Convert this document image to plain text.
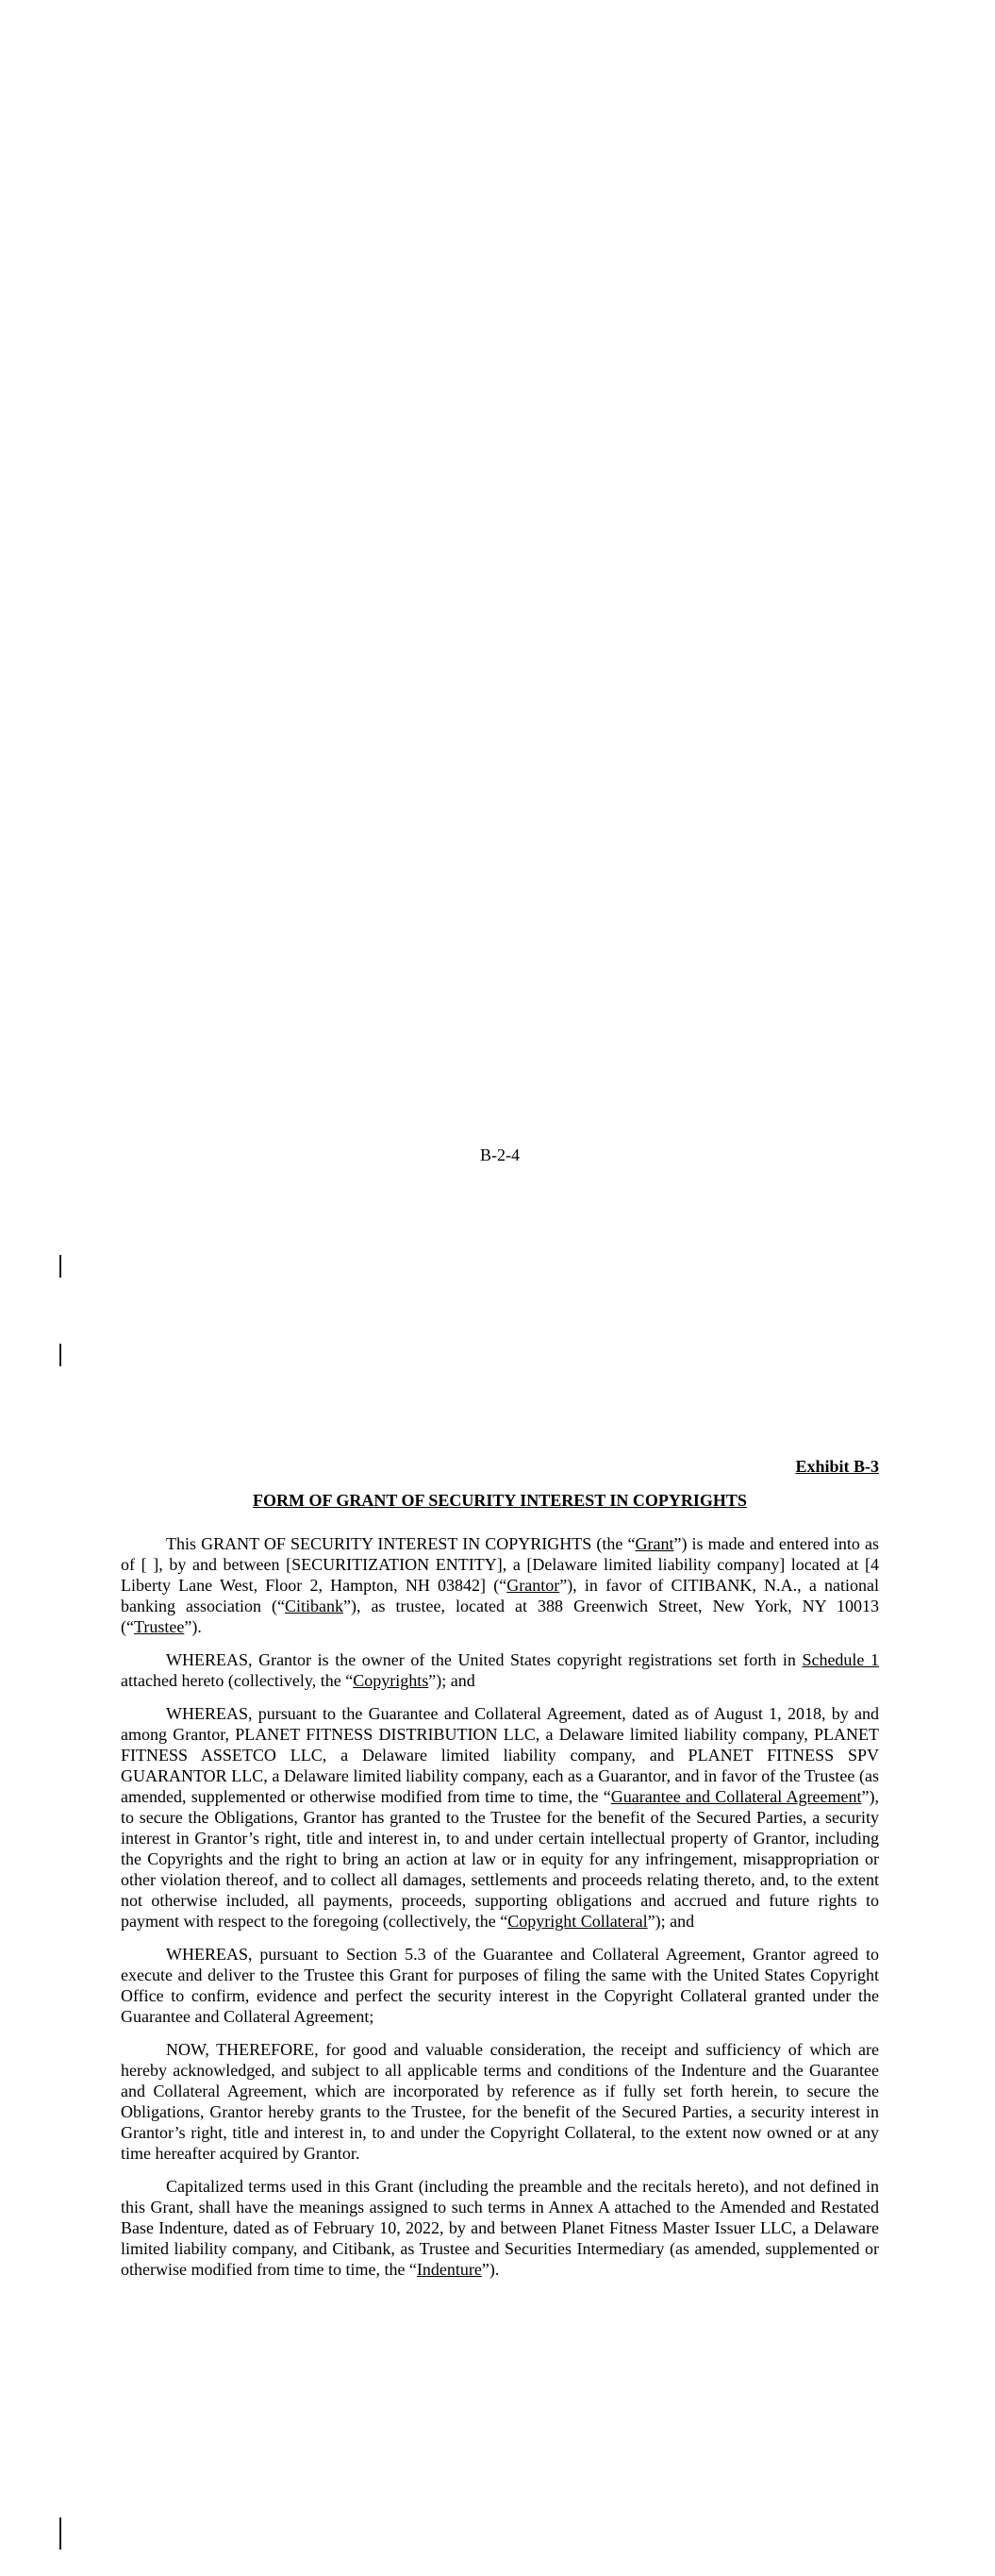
B-2-4
Exhibit B-3
FORM OF GRANT OF SECURITY INTEREST IN COPYRIGHTS

This GRANT OF SECURITY INTEREST IN COPYRIGHTS (the “Grant”) is made and entered into as of [ ], by and between [SECURITIZATION ENTITY], a [Delaware limited liability company] located at [4 Liberty Lane West, Floor 2, Hampton, NH 03842] (“Grantor”), in favor of CITIBANK, N.A., a national banking association (“Citibank”), as trustee, located at 388 Greenwich Street, New York, NY 10013 (“Trustee”).

WHEREAS, Grantor is the owner of the United States copyright registrations set forth in Schedule 1 attached hereto (collectively, the “Copyrights”); and

WHEREAS, pursuant to the Guarantee and Collateral Agreement, dated as of August 1, 2018, by and among Grantor, PLANET FITNESS DISTRIBUTION LLC, a Delaware limited liability company, PLANET FITNESS ASSETCO LLC, a Delaware limited liability company, and PLANET FITNESS SPV GUARANTOR LLC, a Delaware limited liability company, each as a Guarantor, and in favor of the Trustee (as amended, supplemented or otherwise modified from time to time, the “Guarantee and Collateral Agreement”), to secure the Obligations, Grantor has granted to the Trustee for the benefit of the Secured Parties, a security interest in Grantor’s right, title and interest in, to and under certain intellectual property of Grantor, including the Copyrights and the right to bring an action at law or in equity for any infringement, misappropriation or other violation thereof, and to collect all damages, settlements and proceeds relating thereto, and, to the extent not otherwise included, all payments, proceeds, supporting obligations and accrued and future rights to payment with respect to the foregoing (collectively, the “Copyright Collateral”); and

WHEREAS, pursuant to Section 5.3 of the Guarantee and Collateral Agreement, Grantor agreed to execute and deliver to the Trustee this Grant for purposes of filing the same with the United States Copyright Office to confirm, evidence and perfect the security interest in the Copyright Collateral granted under the Guarantee and Collateral Agreement;

NOW, THEREFORE, for good and valuable consideration, the receipt and sufficiency of which are hereby acknowledged, and subject to all applicable terms and conditions of the Indenture and the Guarantee and Collateral Agreement, which are incorporated by reference as if fully set forth herein, to secure the Obligations, Grantor hereby grants to the Trustee, for the benefit of the Secured Parties, a security interest in Grantor’s right, title and interest in, to and under the Copyright Collateral, to the extent now owned or at any time hereafter acquired by Grantor.

Capitalized terms used in this Grant (including the preamble and the recitals hereto), and not defined in this Grant, shall have the meanings assigned to such terms in Annex A attached to the Amended and Restated Base Indenture, dated as of February 10, 2022, by and between Planet Fitness Master Issuer LLC, a Delaware limited liability company, and Citibank, as Trustee and Securities Intermediary (as amended, supplemented or otherwise modified from time to time, the “Indenture”).
